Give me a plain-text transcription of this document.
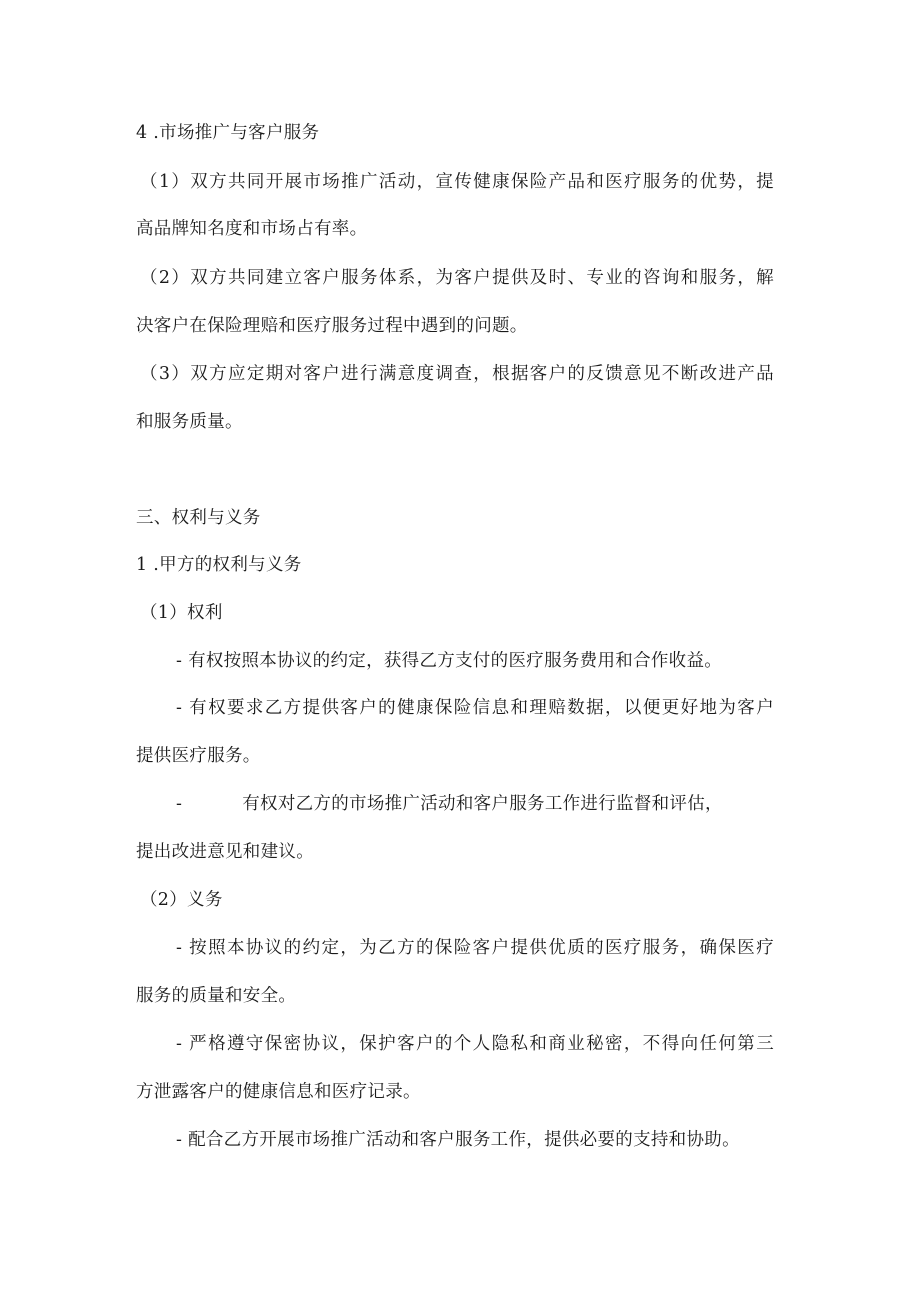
4 .市场推广与客户服务

（1）双方共同开展市场推广活动，宣传健康保险产品和医疗服务的优势，提

高品牌知名度和市场占有率。

（2）双方共同建立客户服务体系，为客户提供及时、专业的咨询和服务，解

决客户在保险理赔和医疗服务过程中遇到的问题。

（3）双方应定期对客户进行满意度调查，根据客户的反馈意见不断改进产品

和服务质量。

三、权利与义务

1 .甲方的权利与义务

（1）权利

- 有权按照本协议的约定，获得乙方支付的医疗服务费用和合作收益。

- 有权要求乙方提供客户的健康保险信息和理赔数据，以便更好地为客户

提供医疗服务。

-	有权对乙方的市场推广活动和客户服务工作进行监督和评估，

提出改进意见和建议。

（2）义务

- 按照本协议的约定，为乙方的保险客户提供优质的医疗服务，确保医疗

服务的质量和安全。

- 严格遵守保密协议，保护客户的个人隐私和商业秘密，不得向任何第三

方泄露客户的健康信息和医疗记录。

- 配合乙方开展市场推广活动和客户服务工作，提供必要的支持和协助。
